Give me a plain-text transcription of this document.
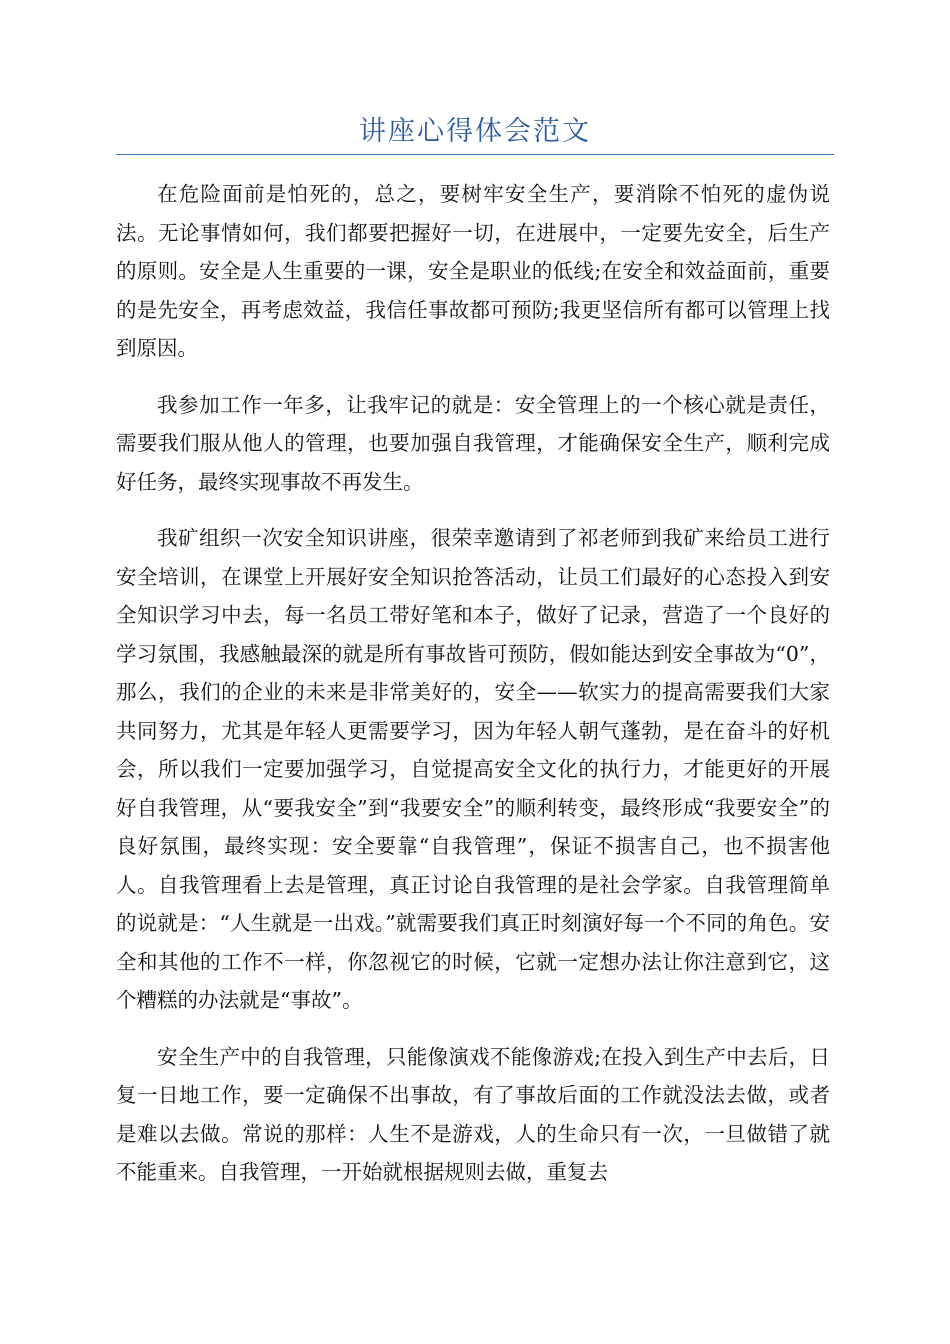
讲座心得体会范文

在危险面前是怕死的，总之，要树牢安全生产，要消除不怕死的虚伪说法。无论事情如何，我们都要把握好一切，在进展中，一定要先安全，后生产的原则。安全是人生重要的一课，安全是职业的低线;在安全和效益面前，重要的是先安全，再考虑效益，我信任事故都可预防;我更坚信所有都可以管理上找到原因。

我参加工作一年多，让我牢记的就是：安全管理上的一个核心就是责任，需要我们服从他人的管理，也要加强自我管理，才能确保安全生产，顺利完成好任务，最终实现事故不再发生。

我矿组织一次安全知识讲座，很荣幸邀请到了祁老师到我矿来给员工进行安全培训，在课堂上开展好安全知识抢答活动，让员工们最好的心态投入到安全知识学习中去，每一名员工带好笔和本子，做好了记录，营造了一个良好的学习氛围，我感触最深的就是所有事故皆可预防，假如能达到安全事故为“0”，那么，我们的企业的未来是非常美好的，安全——软实力的提高需要我们大家共同努力，尤其是年轻人更需要学习，因为年轻人朝气蓬勃，是在奋斗的好机会，所以我们一定要加强学习，自觉提高安全文化的执行力，才能更好的开展好自我管理，从“要我安全”到“我要安全”的顺利转变，最终形成“我要安全”的良好氛围，最终实现：安全要靠“自我管理”，保证不损害自己，也不损害他人。自我管理看上去是管理，真正讨论自我管理的是社会学家。自我管理简单的说就是：“人生就是一出戏。”就需要我们真正时刻演好每一个不同的角色。安全和其他的工作不一样，你忽视它的时候，它就一定想办法让你注意到它，这个糟糕的办法就是“事故”。

安全生产中的自我管理，只能像演戏不能像游戏;在投入到生产中去后，日复一日地工作，要一定确保不出事故，有了事故后面的工作就没法去做，或者是难以去做。常说的那样：人生不是游戏，人的生命只有一次，一旦做错了就不能重来。自我管理，一开始就根据规则去做，重复去
